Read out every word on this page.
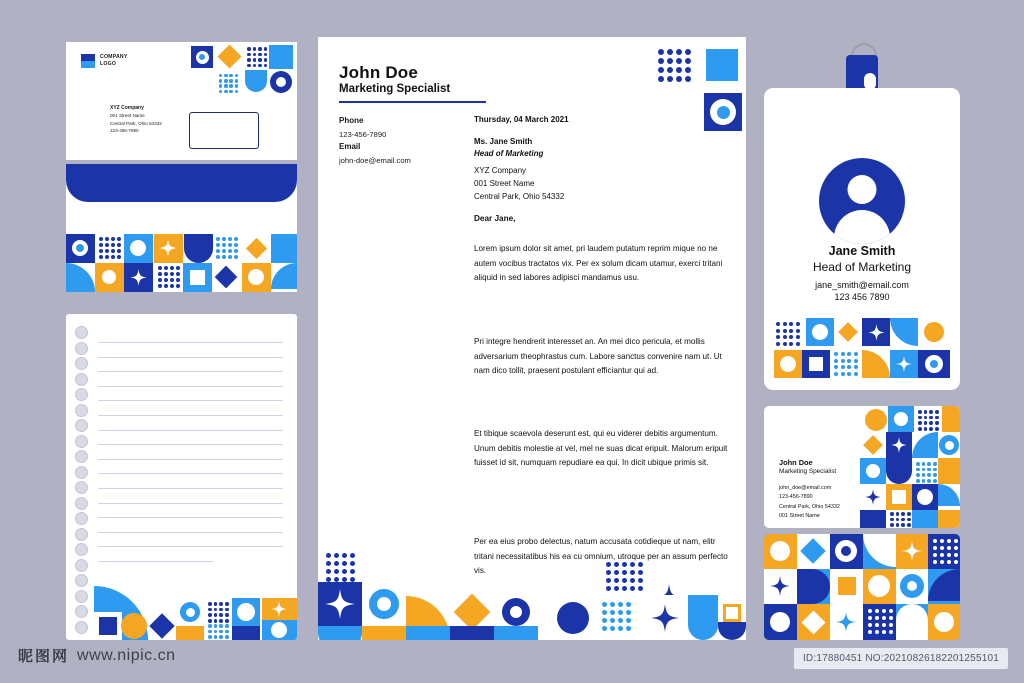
COMPANY
LOGO
XYZ Company
001 Street Name
Central Park, Ohio 54332
123-456-7890
John Doe
Marketing Specialist
Phone
123-456-7890
Email
john-doe@email.com
Thursday, 04 March 2021
Ms. Jane Smith
Head of Marketing
XYZ Company
001 Street Name
Central Park, Ohio 54332
Dear Jane,
Lorem ipsum dolor sit amet, pri laudem putatum reprim mique no ne autem vocibus tractatos vix. Per ex solum dicam utamur, exerci tritani aliquid in sed labores adipisci mandamus usu.
Pri integre hendrerit interesset an. An mei dico pericula, et mollis adversarium theophrastus cum. Labore sanctus convenire nam ut. Ut nam dico tollit, praesent postulant efficiantur qui ad.
Et tibique scaevola deserunt est, qui eu viderer debitis argumentum. Unum debitis molestie at vel, mel ne suas dicat eripuit. Malorum eripuit fuisset id sit, numquam repudiare ea qui. In dicit ubique primis sit.
Per ea eius probo delectus, natum accusata cotidieque ut nam, elitr tritani necessitatibus his ea cu omnium, utroque per an assum perfecto vis.
Jane Smith
Head of Marketing
jane_smith@email.com
123 456 7890
John Doe
Marketing Specialist
john_doe@email.com
123-456-7890
Central Park, Ohio 54332
001 Street Name
昵图网 www.nipic.cn	ID:17880451 NO:20210826182201255101
